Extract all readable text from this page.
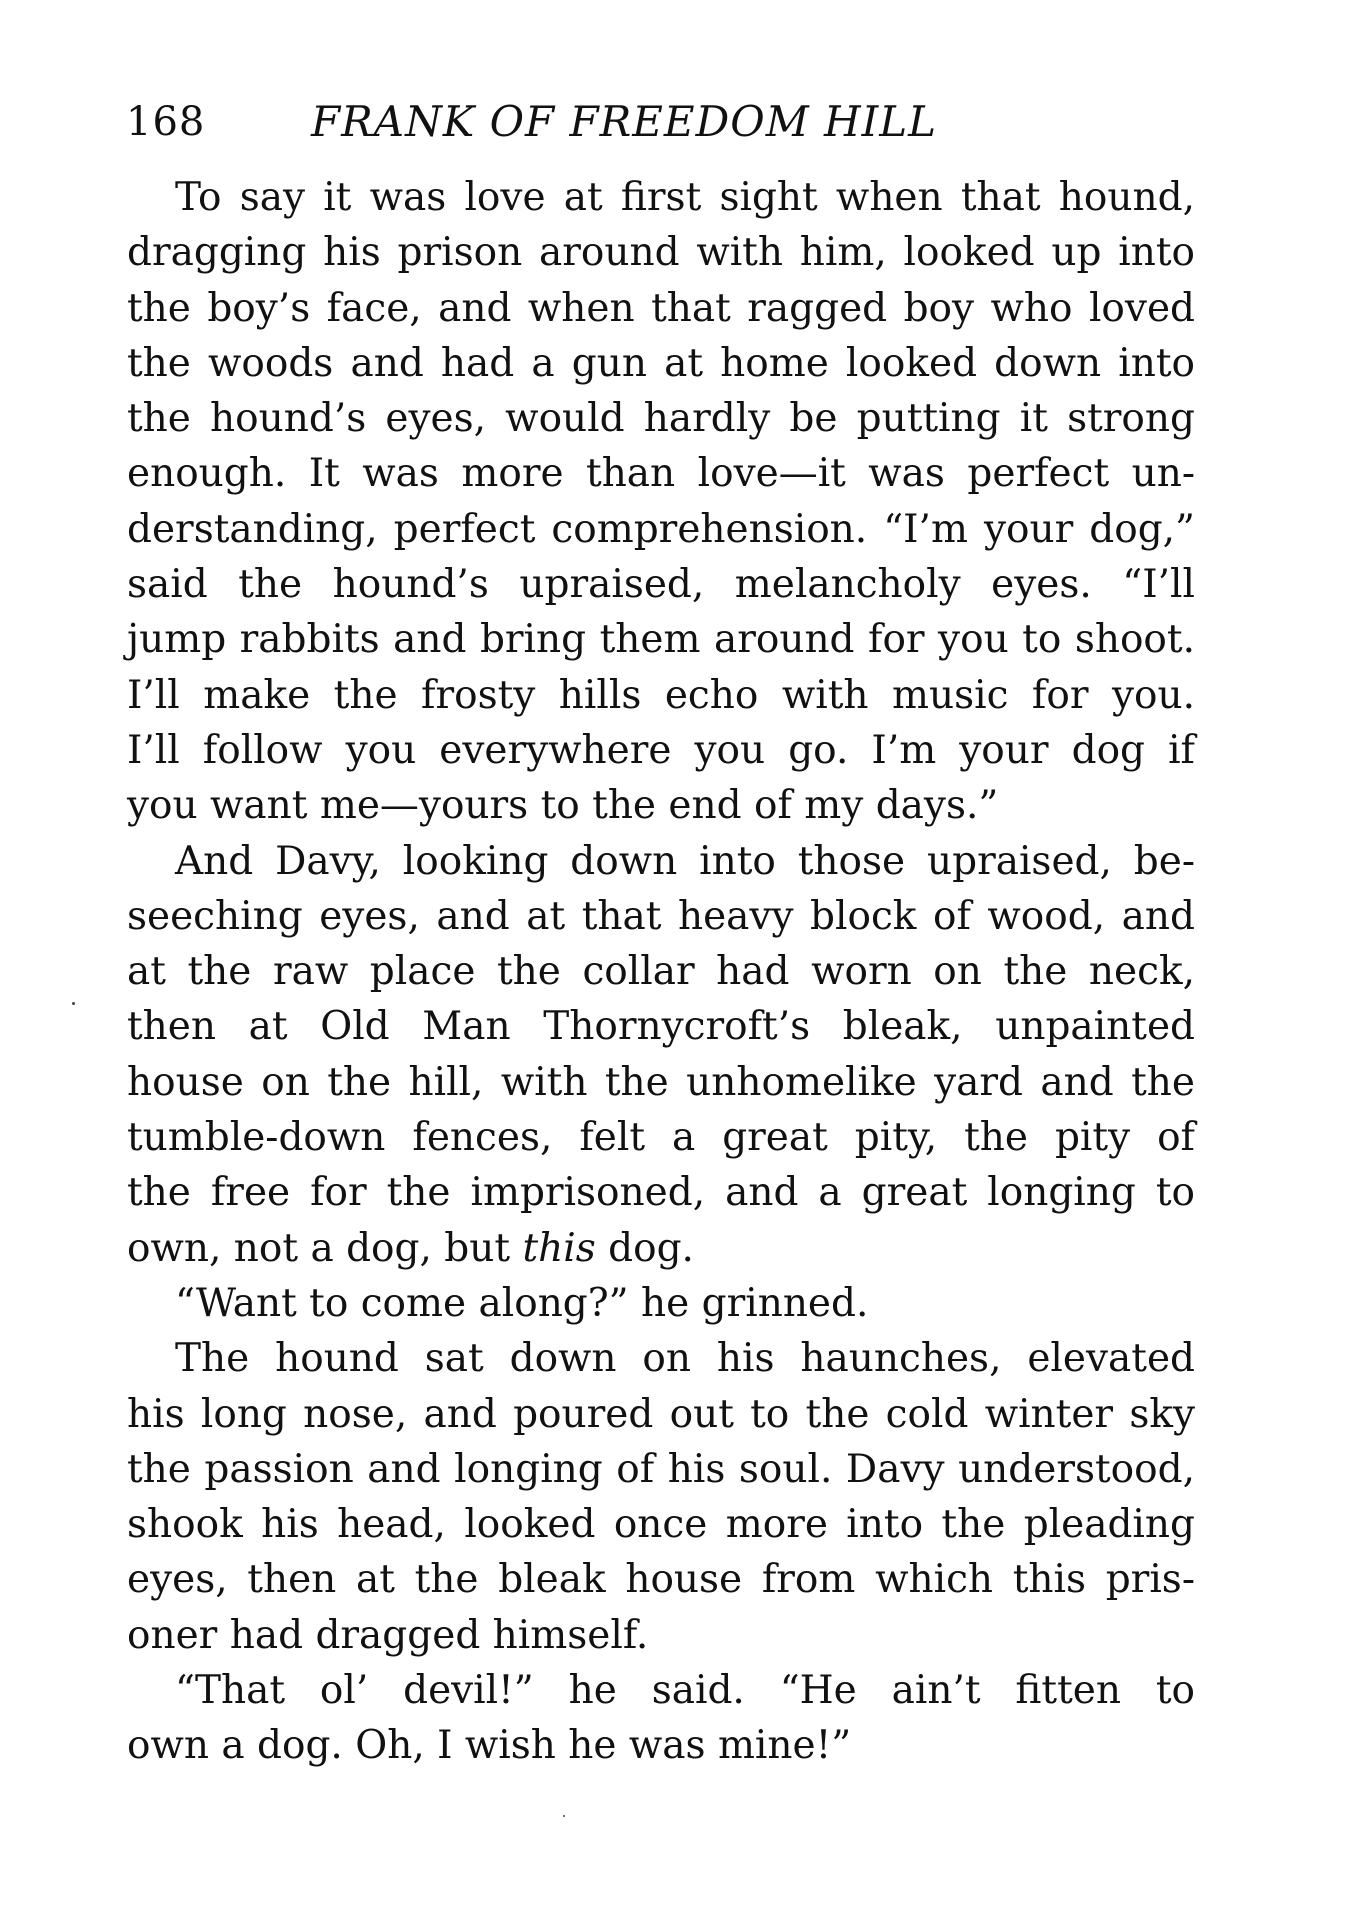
168	FRANK OF FREEDOM HILL
To say it was love at first sight when that hound,
dragging his prison around with him, looked up into
the boy’s face, and when that ragged boy who loved
the woods and had a gun at home looked down into
the hound’s eyes, would hardly be putting it strong
enough. It was more than love—it was perfect un-
derstanding, perfect comprehension. “I’m your dog,”
said the hound’s upraised, melancholy eyes. “I’ll
jump rabbits and bring them around for you to shoot.
I’ll make the frosty hills echo with music for you.
I’ll follow you everywhere you go. I’m your dog if
you want me—yours to the end of my days.”
And Davy, looking down into those upraised, be-
seeching eyes, and at that heavy block of wood, and
at the raw place the collar had worn on the neck,
then at Old Man Thornycroft’s bleak, unpainted
house on the hill, with the unhomelike yard and the
tumble-down fences, felt a great pity, the pity of
the free for the imprisoned, and a great longing to
own, not a dog, but this dog.
“Want to come along?” he grinned.
The hound sat down on his haunches, elevated
his long nose, and poured out to the cold winter sky
the passion and longing of his soul. Davy understood,
shook his head, looked once more into the pleading
eyes, then at the bleak house from which this pris-
oner had dragged himself.
“That ol’ devil!” he said. “He ain’t fitten to
own a dog. Oh, I wish he was mine!”
